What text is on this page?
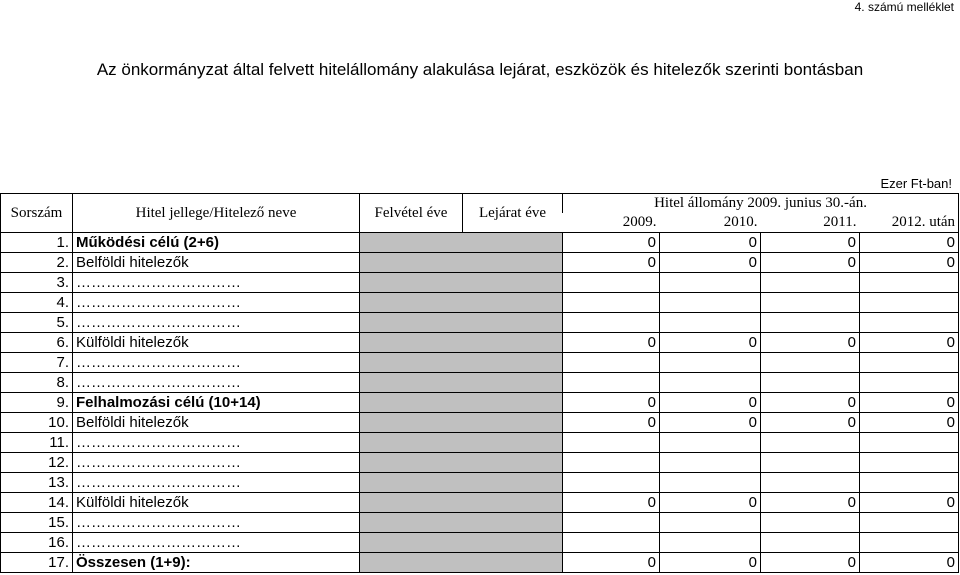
4. számú melléklet
Az önkormányzat által felvett hitelállomány alakulása lejárat, eszközök és hitelezők szerinti bontásban
Ezer Ft-ban!
Sorszám	Hitel jellege/Hitelező neve	Felvétel éve	Lejárat éve	Hitel állomány 2009. junius 30.-án.			
				2009.	2010.	2011.	2012. után
1.	Működési célú (2+6)			0	0	0	0
2.	Belföldi hitelezők			0	0	0	0
3.	……………………………						
4.	……………………………						
5.	……………………………						
6.	Külföldi hitelezők			0	0	0	0
7.	……………………………						
8.	……………………………						
9.	Felhalmozási célú (10+14)			0	0	0	0
10.	Belföldi hitelezők			0	0	0	0
11.	……………………………						
12.	……………………………						
13.	……………………………						
14.	Külföldi hitelezők			0	0	0	0
15.	……………………………						
16.	……………………………						
17.	Összesen (1+9):			0	0	0	0
